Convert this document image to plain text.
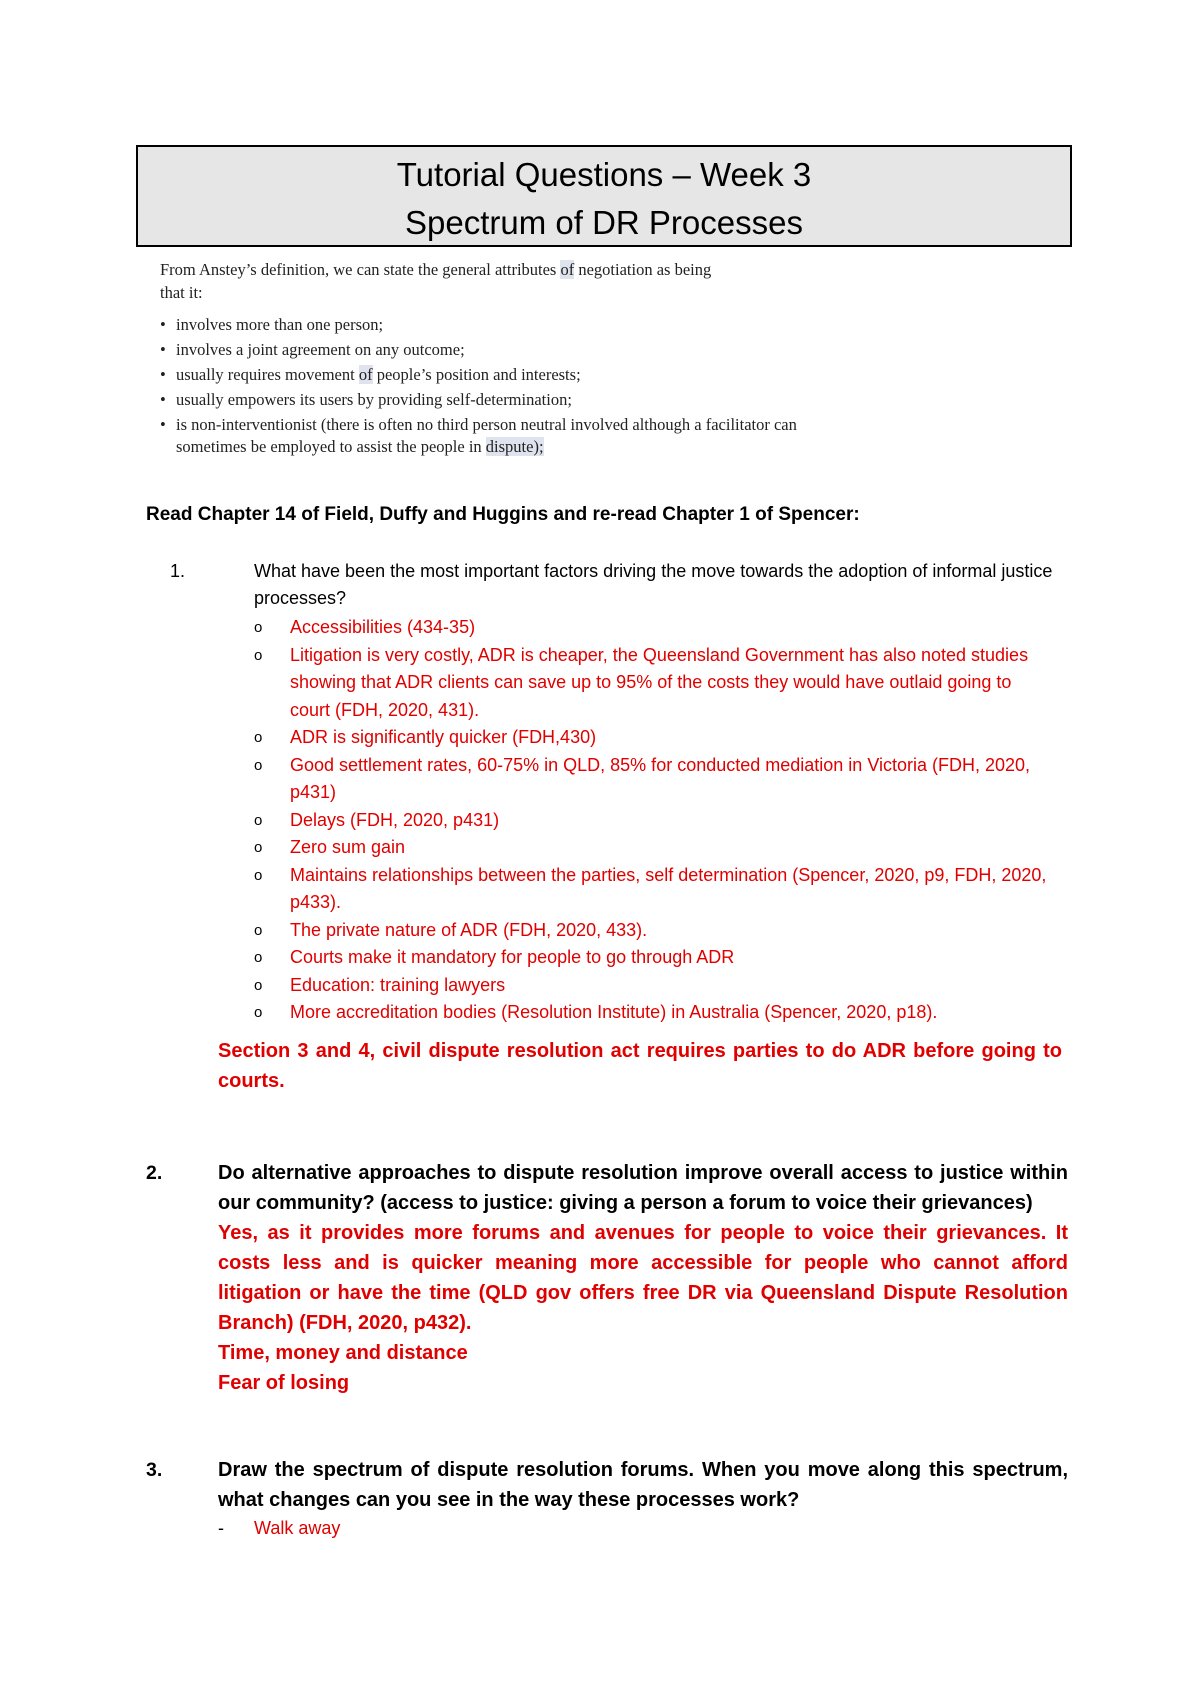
Tutorial Questions – Week 3
Spectrum of DR Processes
From Anstey’s definition, we can state the general attributes of negotiation as being
that it:
• involves more than one person;
• involves a joint agreement on any outcome;
• usually requires movement of people’s position and interests;
• usually empowers its users by providing self-determination;
• is non-interventionist (there is often no third person neutral involved although a facilitator can sometimes be employed to assist the people in dispute);
Read Chapter 14 of Field, Duffy and Huggins and re-read Chapter 1 of Spencer:
1.	What have been the most important factors driving the move towards the adoption of informal justice processes?
o Accessibilities (434-35)
o Litigation is very costly, ADR is cheaper, the Queensland Government has also noted studies showing that ADR clients can save up to 95% of the costs they would have outlaid going to court (FDH, 2020, 431).
o ADR is significantly quicker (FDH,430)
o Good settlement rates, 60-75% in QLD, 85% for conducted mediation in Victoria (FDH, 2020, p431)
o Delays (FDH, 2020, p431)
o Zero sum gain
o Maintains relationships between the parties, self determination (Spencer, 2020, p9, FDH, 2020, p433).
o The private nature of ADR (FDH, 2020, 433).
o Courts make it mandatory for people to go through ADR
o Education: training lawyers
o More accreditation bodies (Resolution Institute) in Australia (Spencer, 2020, p18).
Section 3 and 4, civil dispute resolution act requires parties to do ADR before going to courts.
2.	Do alternative approaches to dispute resolution improve overall access to justice within our community? (access to justice: giving a person a forum to voice their grievances)
Yes, as it provides more forums and avenues for people to voice their grievances. It costs less and is quicker meaning more accessible for people who cannot afford litigation or have the time (QLD gov offers free DR via Queensland Dispute Resolution Branch) (FDH, 2020, p432).
Time, money and distance
Fear of losing
3.	Draw the spectrum of dispute resolution forums. When you move along this spectrum, what changes can you see in the way these processes work?
- Walk away
